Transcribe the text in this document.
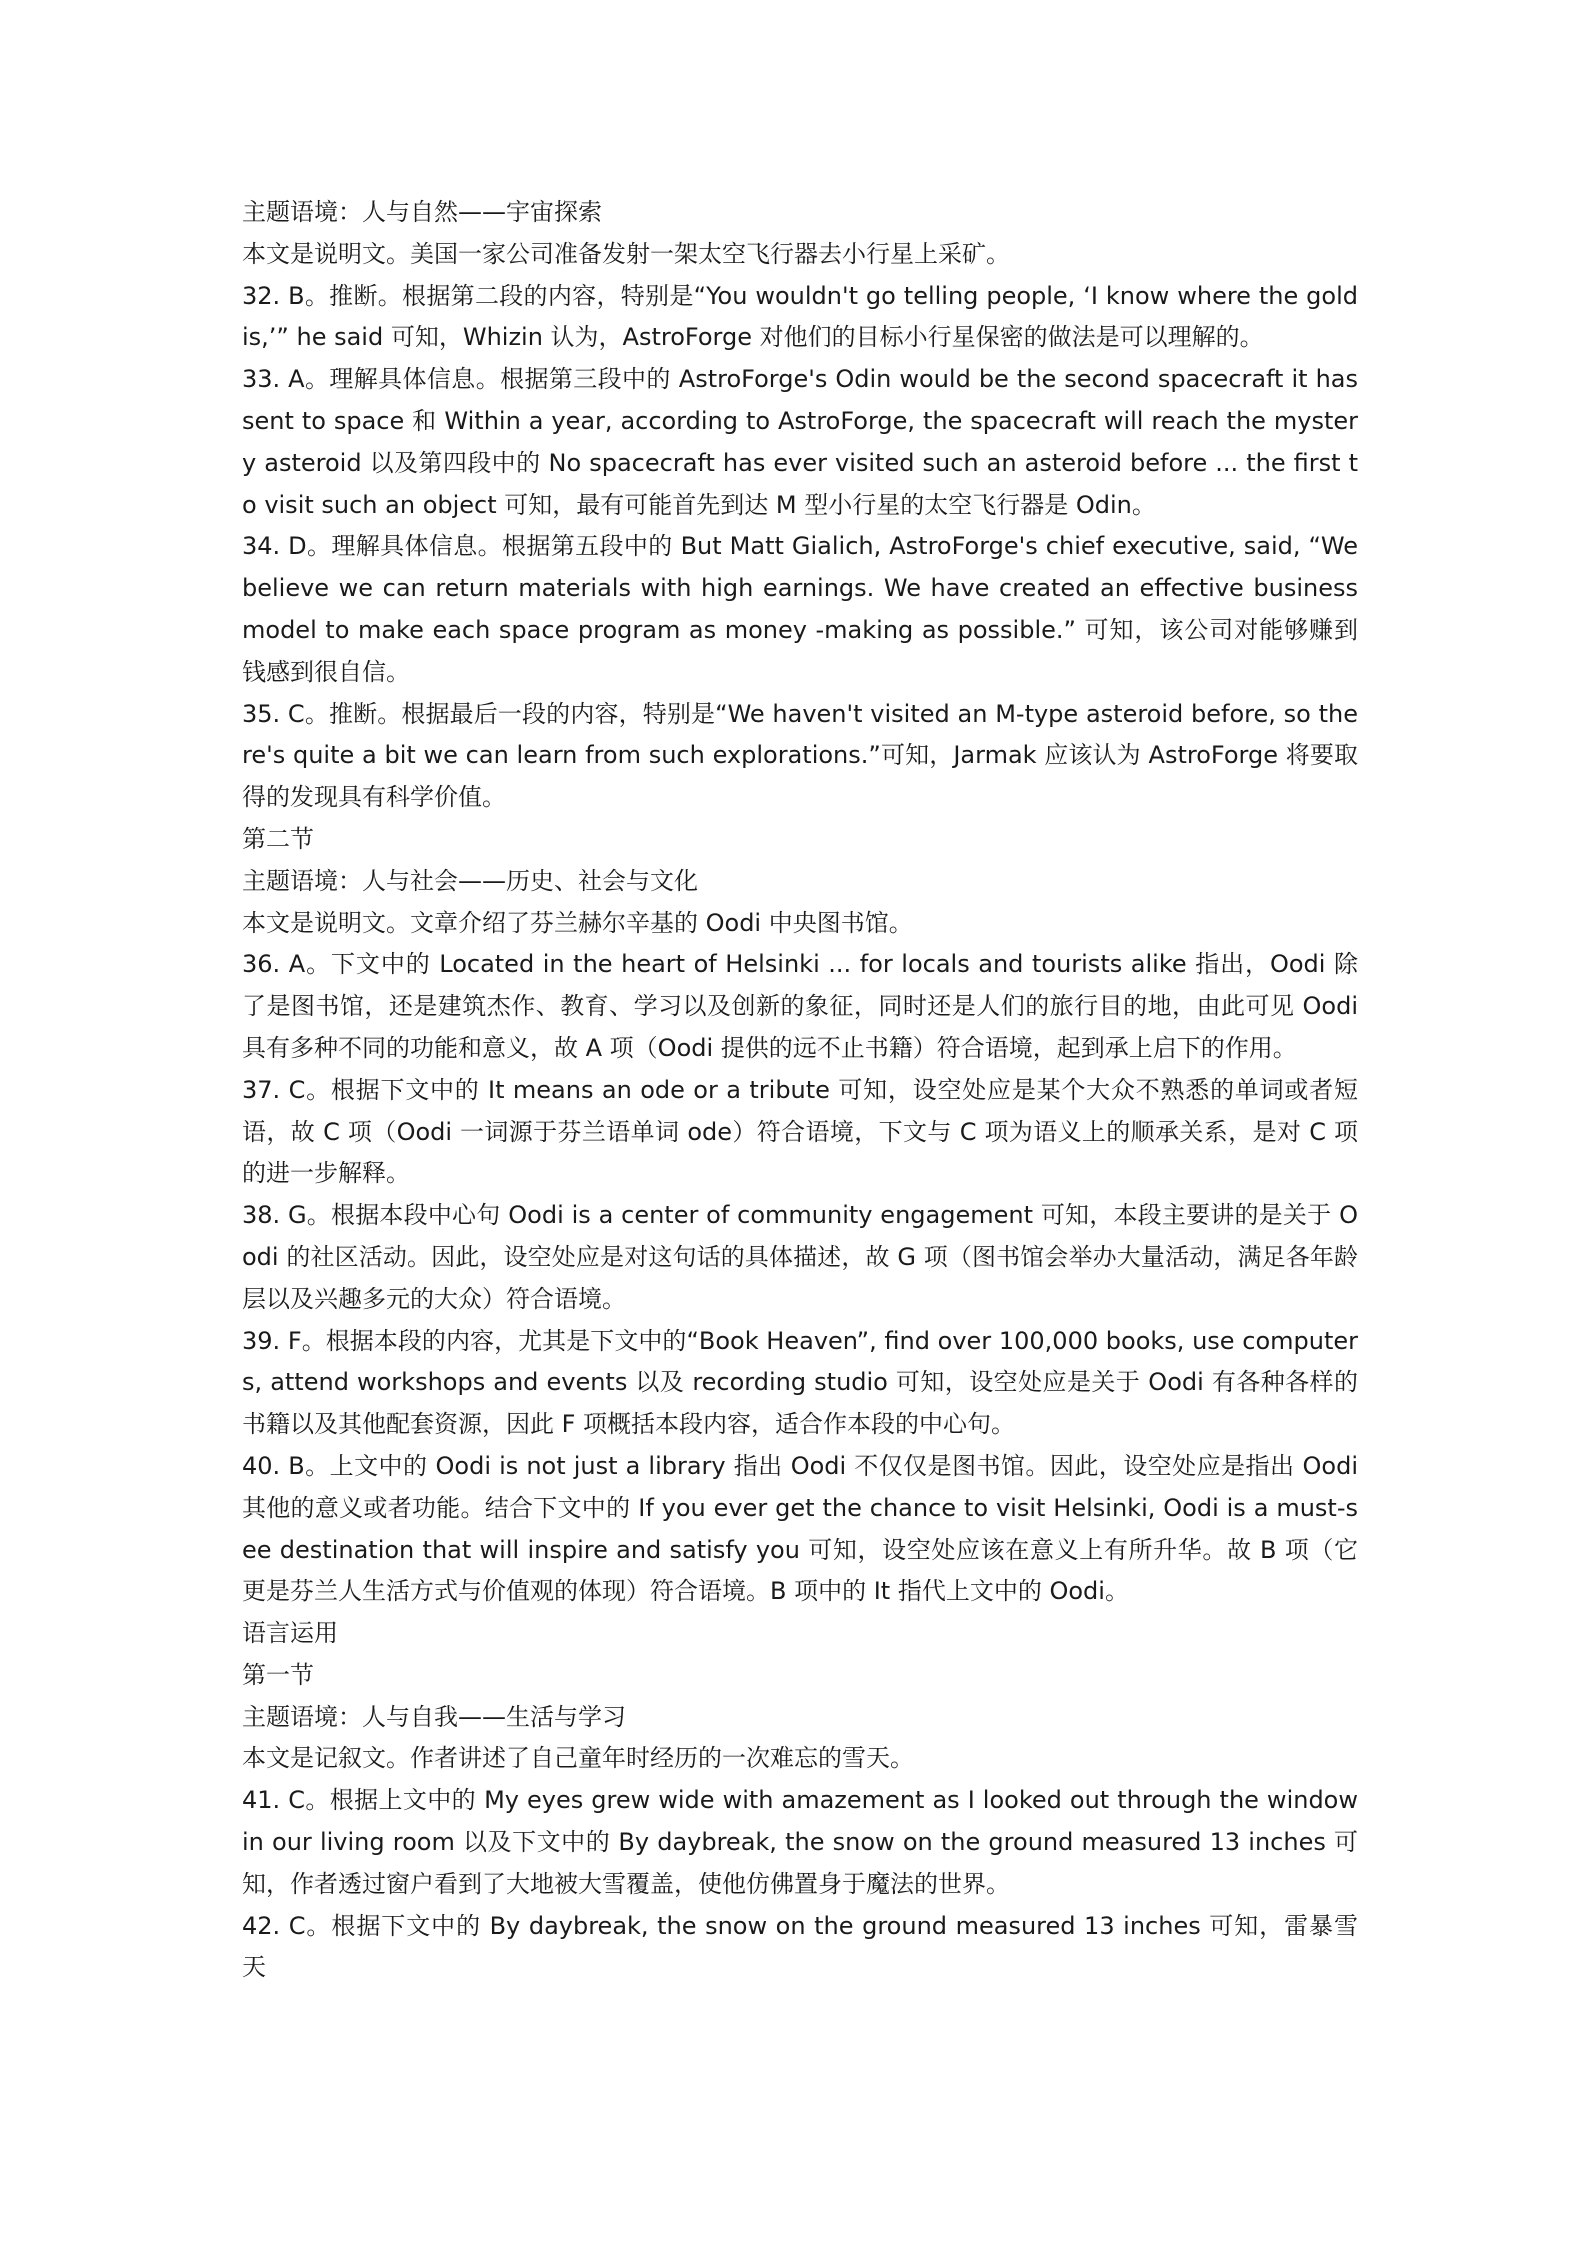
主题语境：人与自然——宇宙探索

本文是说明文。美国一家公司准备发射一架太空飞行器去小行星上采矿。

32. B。推断。根据第二段的内容，特别是“You wouldn't go telling people, ‘I know where the gold is,’” he said 可知，Whizin 认为，AstroForge 对他们的目标小行星保密的做法是可以理解的。

33. A。理解具体信息。根据第三段中的 AstroForge's Odin would be the second spacecraft it has sent to space 和 Within a year, according to AstroForge, the spacecraft will reach the mystery asteroid 以及第四段中的 No spacecraft has ever visited such an asteroid before ... the first to visit such an object 可知，最有可能首先到达 M 型小行星的太空飞行器是 Odin。

34. D。理解具体信息。根据第五段中的 But Matt Gialich, AstroForge's chief executive, said, “We believe we can return materials with high earnings. We have created an effective business model to make each space program as money -making as possible.” 可知，该公司对能够赚到钱感到很自信。

35. C。推断。根据最后一段的内容，特别是“We haven't visited an M-type asteroid before, so there's quite a bit we can learn from such explorations.”可知，Jarmak 应该认为 AstroForge 将要取得的发现具有科学价值。

第二节

主题语境：人与社会——历史、社会与文化

本文是说明文。文章介绍了芬兰赫尔辛基的 Oodi 中央图书馆。

36. A。下文中的 Located in the heart of Helsinki ... for locals and tourists alike 指出，Oodi 除了是图书馆，还是建筑杰作、教育、学习以及创新的象征，同时还是人们的旅行目的地，由此可见 Oodi 具有多种不同的功能和意义，故 A 项（Oodi 提供的远不止书籍）符合语境，起到承上启下的作用。

37. C。根据下文中的 It means an ode or a tribute 可知，设空处应是某个大众不熟悉的单词或者短语，故 C 项（Oodi 一词源于芬兰语单词 ode）符合语境，下文与 C 项为语义上的顺承关系，是对 C 项的进一步解释。

38. G。根据本段中心句 Oodi is a center of community engagement 可知，本段主要讲的是关于 Oodi 的社区活动。因此，设空处应是对这句话的具体描述，故 G 项（图书馆会举办大量活动，满足各年龄层以及兴趣多元的大众）符合语境。

39. F。根据本段的内容，尤其是下文中的“Book Heaven”, find over 100,000 books, use computers, attend workshops and events 以及 recording studio 可知，设空处应是关于 Oodi 有各种各样的书籍以及其他配套资源，因此 F 项概括本段内容，适合作本段的中心句。

40. B。上文中的 Oodi is not just a library 指出 Oodi 不仅仅是图书馆。因此，设空处应是指出 Oodi 其他的意义或者功能。结合下文中的 If you ever get the chance to visit Helsinki, Oodi is a must-see destination that will inspire and satisfy you 可知，设空处应该在意义上有所升华。故 B 项（它更是芬兰人生活方式与价值观的体现）符合语境。B 项中的 It 指代上文中的 Oodi。

语言运用

第一节

主题语境：人与自我——生活与学习

本文是记叙文。作者讲述了自己童年时经历的一次难忘的雪天。

41. C。根据上文中的 My eyes grew wide with amazement as I looked out through the window in our living room 以及下文中的 By daybreak, the snow on the ground measured 13 inches 可知，作者透过窗户看到了大地被大雪覆盖，使他仿佛置身于魔法的世界。

42. C。根据下文中的 By daybreak, the snow on the ground measured 13 inches 可知，雷暴雪天
